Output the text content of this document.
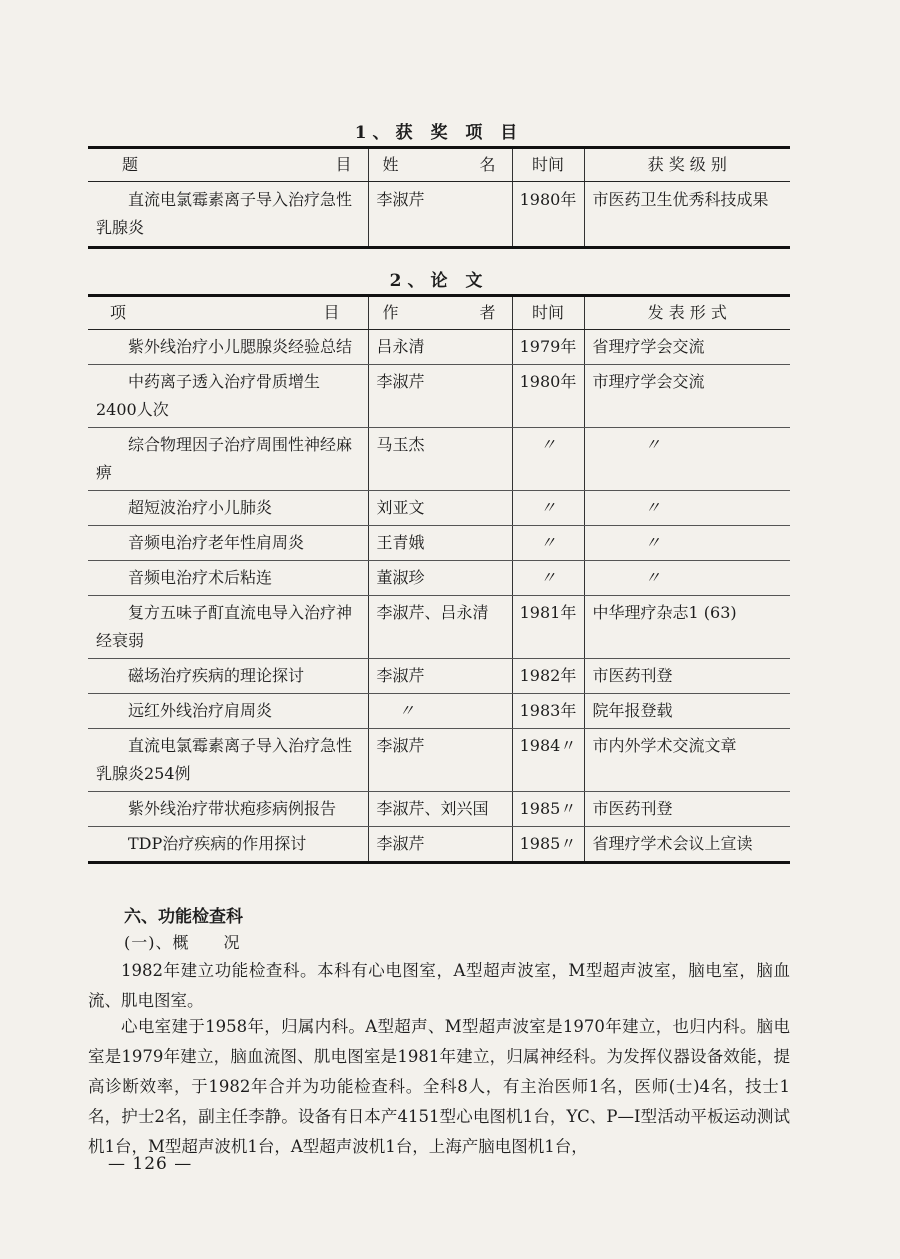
1、获 奖 项 目
题 目	姓 名	时间	获 奖 级 别
直流电氯霉素离子导入治疗急性乳腺炎	李淑芹	1980年	市医药卫生优秀科技成果
2、论 文
项 目	作 者	时间	发 表 形 式
紫外线治疗小儿腮腺炎经验总结	吕永清	1979年	省理疗学会交流
中药离子透入治疗骨质增生2400人次	李淑芹	1980年	市理疗学会交流
综合物理因子治疗周围性神经麻痹	马玉杰	〃	〃
超短波治疗小儿肺炎	刘亚文	〃	〃
音频电治疗老年性肩周炎	王青娥	〃	〃
音频电治疗术后粘连	董淑珍	〃	〃
复方五味子酊直流电导入治疗神经衰弱	李淑芹、吕永清	1981年	中华理疗杂志1 (63)
磁场治疗疾病的理论探讨	李淑芹	1982年	市医药刊登
远红外线治疗肩周炎	〃	1983年	院年报登载
直流电氯霉素离子导入治疗急性乳腺炎254例	李淑芹	1984〃	市内外学术交流文章
紫外线治疗带状疱疹病例报告	李淑芹、刘兴国	1985〃	市医药刊登
TDP治疗疾病的作用探讨	李淑芹	1985〃	省理疗学术会议上宣读
六、功能检查科
(一)、概 况
1982年建立功能检查科。本科有心电图室，A型超声波室，M型超声波室，脑电室，脑血流、肌电图室。
心电室建于1958年，归属内科。A型超声、M型超声波室是1970年建立，也归内科。脑电室是1979年建立，脑血流图、肌电图室是1981年建立，归属神经科。为发挥仪器设备效能，提高诊断效率，于1982年合并为功能检查科。全科8人，有主治医师1名，医师(士)4名，技士1名，护士2名，副主任李静。设备有日本产4151型心电图机1台，YC、P—I型活动平板运动测试机1台，M型超声波机1台，A型超声波机1台，上海产脑电图机1台，
— 126 —
